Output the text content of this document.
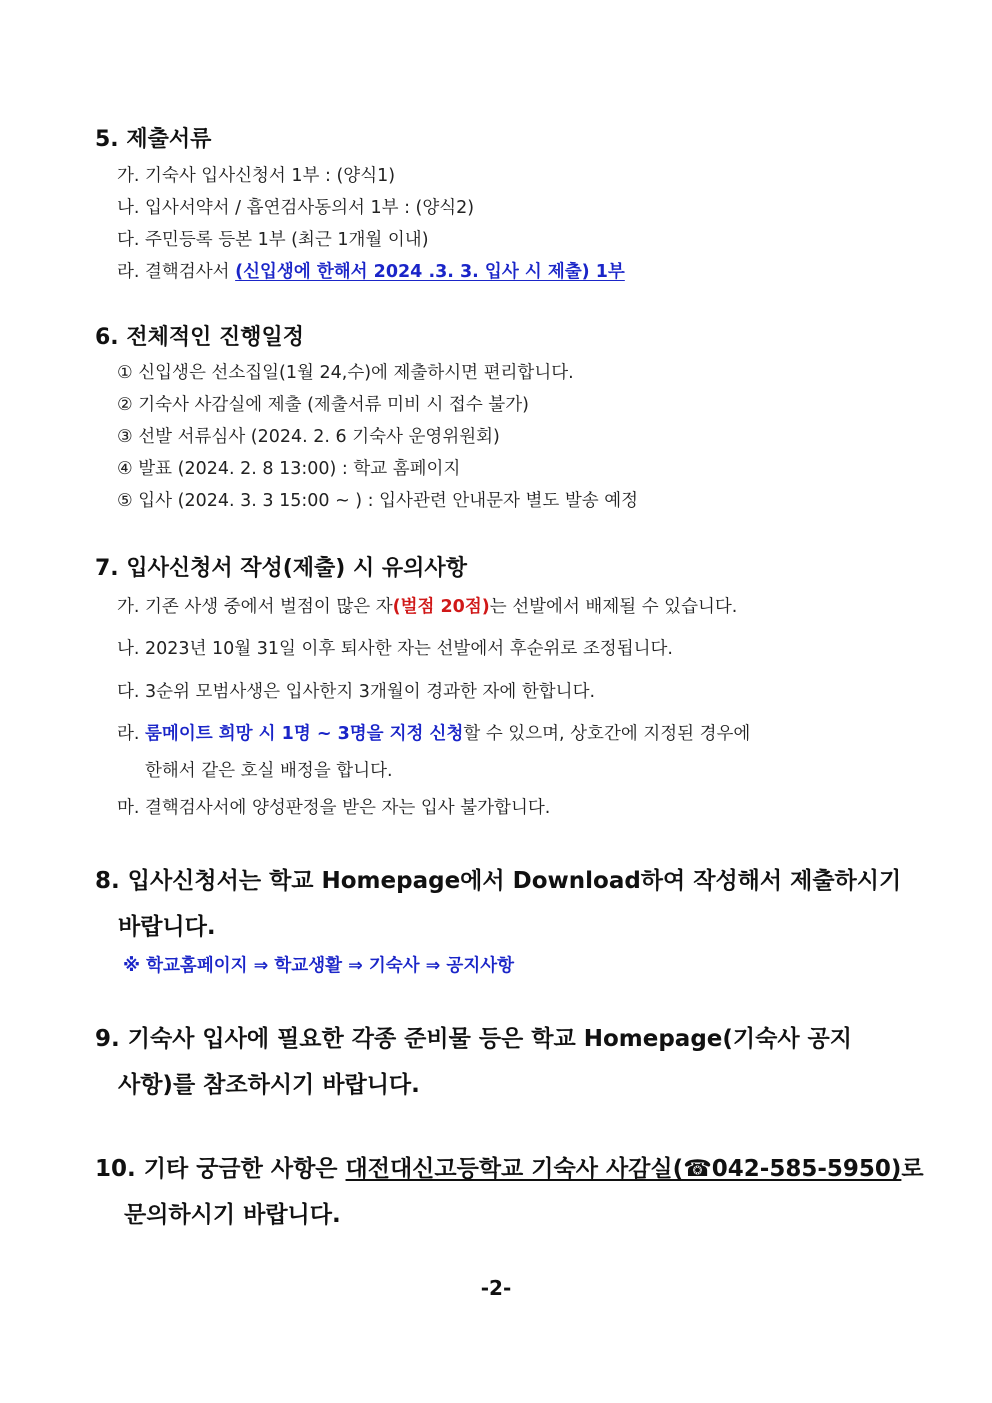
5. 제출서류
가. 기숙사 입사신청서 1부 : (양식1)
나. 입사서약서 / 흡연검사동의서 1부 : (양식2)
다. 주민등록 등본 1부 (최근 1개월 이내)
라. 결핵검사서 (신입생에 한해서 2024 .3. 3. 입사 시 제출) 1부
6. 전체적인 진행일정
① 신입생은 선소집일(1월 24,수)에 제출하시면 편리합니다.
② 기숙사 사감실에 제출 (제출서류 미비 시 접수 불가)
③ 선발 서류심사 (2024. 2. 6 기숙사 운영위원회)
④ 발표 (2024. 2. 8 13:00) : 학교 홈페이지
⑤ 입사 (2024. 3. 3 15:00 ~ ) : 입사관련 안내문자 별도 발송 예정
7. 입사신청서 작성(제출) 시 유의사항
가. 기존 사생 중에서 벌점이 많은 자(벌점 20점)는 선발에서 배제될 수 있습니다.
나. 2023년 10월 31일 이후 퇴사한 자는 선발에서 후순위로 조정됩니다.
다. 3순위 모범사생은 입사한지 3개월이 경과한 자에 한합니다.
라. 룸메이트 희망 시 1명 ~ 3명을 지정 신청할 수 있으며, 상호간에 지정된 경우에
한해서 같은 호실 배정을 합니다.
마. 결핵검사서에 양성판정을 받은 자는 입사 불가합니다.
8. 입사신청서는 학교 Homepage에서 Download하여 작성해서 제출하시기
바랍니다.
※ 학교홈페이지 ⇒ 학교생활 ⇒ 기숙사 ⇒ 공지사항
9. 기숙사 입사에 필요한 각종 준비물 등은 학교 Homepage(기숙사 공지
사항)를 참조하시기 바랍니다.
10. 기타 궁금한 사항은 대전대신고등학교 기숙사 사감실(☎042-585-5950)로
문의하시기 바랍니다.
-2-
